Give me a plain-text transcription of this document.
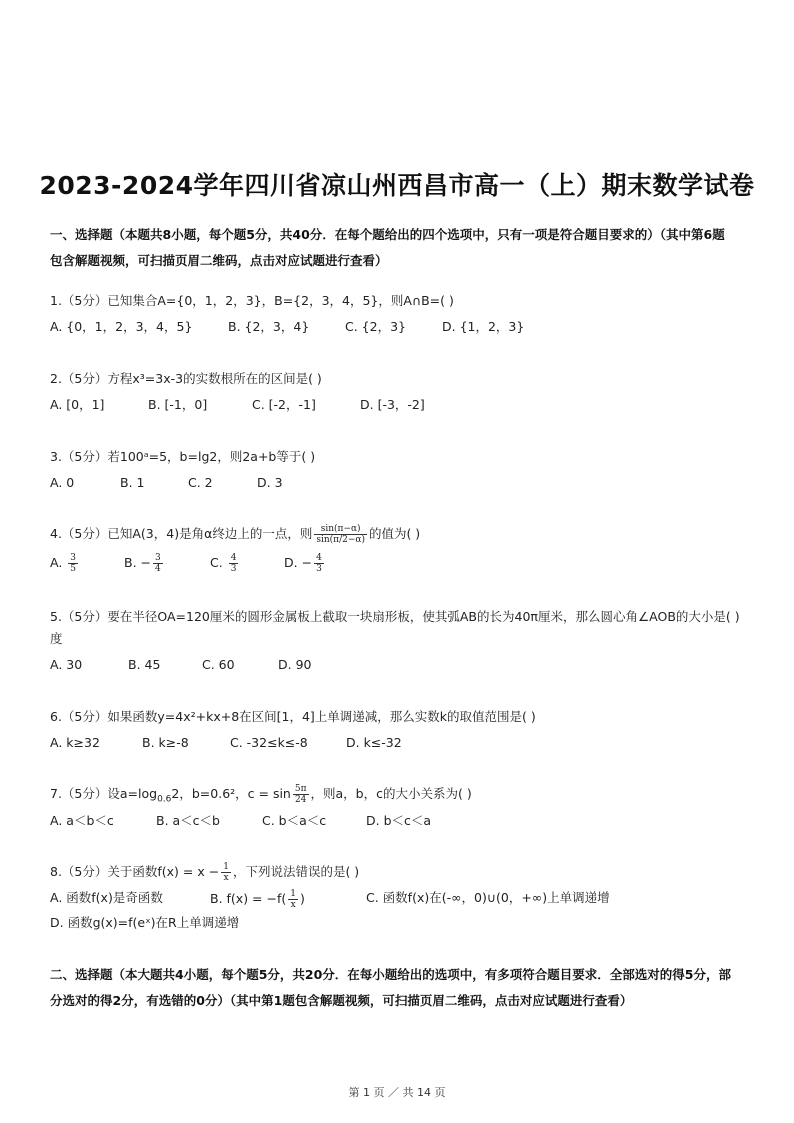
2023-2024学年四川省凉山州西昌市高一（上）期末数学试卷
一、选择题（本题共8小题，每个题5分，共40分．在每个题给出的四个选项中，只有一项是符合题目要求的）（其中第6题
包含解题视频，可扫描页眉二维码，点击对应试题进行查看）
1.（5分）已知集合A={0，1，2，3}，B={2，3，4，5}，则A∩B=( )
A. {0，1，2，3，4，5}	B. {2，3，4}	C. {2，3}	D. {1，2，3}
2.（5分）方程x³=3x-3的实数根所在的区间是( )
A. [0，1]	B. [-1，0]	C. [-2，-1]	D. [-3，-2]
3.（5分）若100ᵃ=5，b=lg2，则2a+b等于( )
A. 0	B. 1	C. 2	D. 3
4.（5分）已知A(3，4)是角α终边上的一点，则 $\frac{\sin(\pi-\alpha)}{\sin(\pi/2-\alpha)}$ 的值为( )
A. $\frac{3}{5}$	B. − $\frac{3}{4}$	C. $\frac{4}{3}$	D. − $\frac{4}{3}$
5.（5分）要在半径OA=120厘米的圆形金属板上截取一块扇形板，使其弧AB的长为40π厘米，那么圆心角∠AOB的大小是( )
度
A. 30	B. 45	C. 60	D. 90
6.（5分）如果函数y=4x²+kx+8在区间[1，4]上单调递减，那么实数k的取值范围是( )
A. k≥32	B. k≥-8	C. -32≤k≤-8	D. k≤-32
7.（5分）设$a=\log_{0.6}2$，b=0.6²，$c = \sin \frac{5\pi}{24}$ ，则a，b，c的大小关系为( )
A. a＜b＜c	B. a＜c＜b	C. b＜a＜c	D. b＜c＜a
8.（5分）关于函数$f(x) = x - \frac{1}{x}$ ，下列说法错误的是( )
A. 函数f(x)是奇函数	B. $f(x) = -f( \frac{1}{x}$ )	C. 函数f(x)在(-∞，0)∪(0，+∞)上单调递增
D. 函数g(x)=f(eˣ)在R上单调递增
二、选择题（本大题共4小题，每个题5分，共20分．在每小题给出的选项中，有多项符合题目要求．全部选对的得5分，部
分选对的得2分，有选错的0分）（其中第1题包含解题视频，可扫描页眉二维码，点击对应试题进行查看）
第 1 页 ／ 共 14 页
